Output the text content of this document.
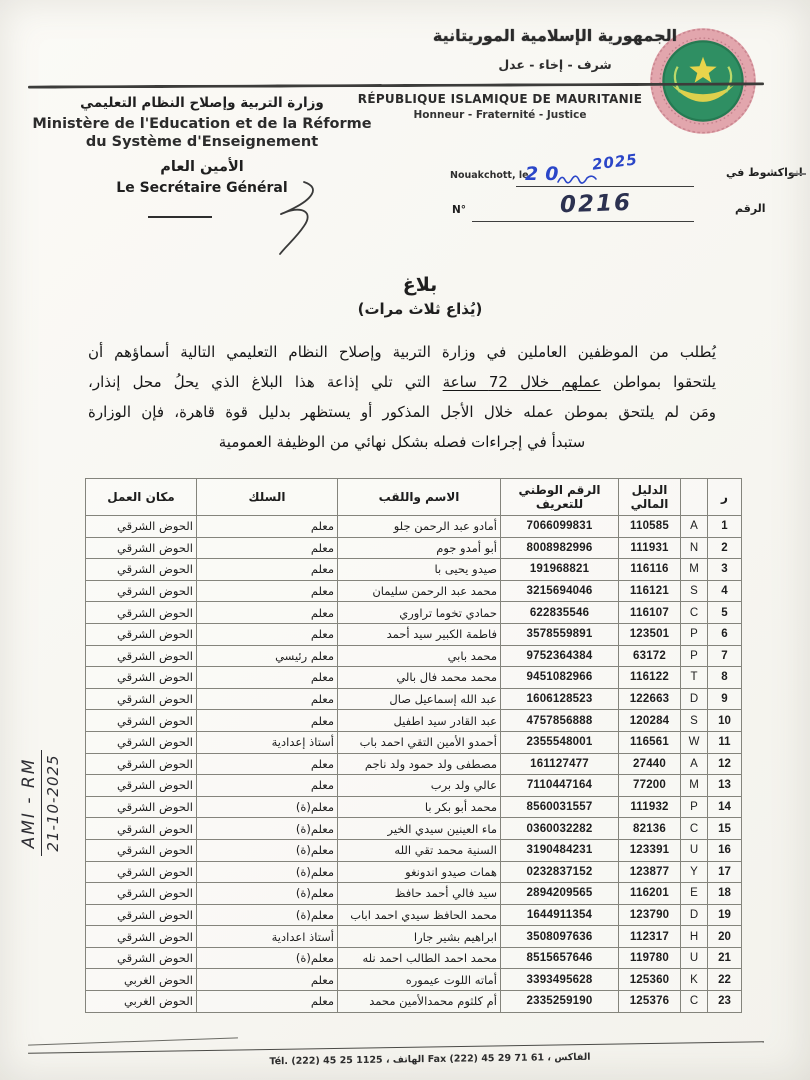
الجمهورية الإسلامية الموريتانية
شرف - إخاء - عدل
RÉPUBLIQUE ISLAMIQUE DE MAURITANIE
Honneur - Fraternité - Justice
وزارة التربية وإصلاح النظام التعليمي
Ministère de l'Education et de la Réforme
du Système d'Enseignement
الأمين العام
Le Secrétaire Général
Nouakchott, le
20
2025	انواكشوط في
N°	0216	الرقم
بلاغ
(يُذاع ثلاث مرات)
يُطلب من الموظفين العاملين في وزارة التربية وإصلاح النظام التعليمي التالية أسماؤهم أن
يلتحقوا بمواطن عملهم خلال 72 ساعة التي تلي إذاعة هذا البلاغ الذي يحلُ محل إنذار،
ومَن لم يلتحق بموطن عمله خلال الأجل المذكور أو يستظهر بدليل قوة قاهرة، فإن الوزارة
ستبدأ في إجراءات فصله بشكل نهائي من الوظيفة العمومية
ر		الدليل المالي	الرقم الوطني للتعريف	الاسم واللقب	السلك	مكان العمل
1	A	110585	7066099831	أمادو عبد الرحمن جلو	معلم	الحوض الشرقي
2	N	111931	8008982996	أبو أمدو جوم	معلم	الحوض الشرقي
3	M	116116	191968821	صيدو يحيى با	معلم	الحوض الشرقي
4	S	116121	3215694046	محمد عبد الرحمن سليمان	معلم	الحوض الشرقي
5	C	116107	622835546	حمادي تخوما تراوري	معلم	الحوض الشرقي
6	P	123501	3578559891	فاطمة الكبير سيد أحمد	معلم	الحوض الشرقي
7	P	63172	9752364384	محمد بابي	معلم رئيسي	الحوض الشرقي
8	T	116122	9451082966	محمد محمد فال بالي	معلم	الحوض الشرقي
9	D	122663	1606128523	عبد الله إسماعيل صال	معلم	الحوض الشرقي
10	S	120284	4757856888	عبد القادر سيد اطفيل	معلم	الحوض الشرقي
11	W	116561	2355548001	أحمدو الأمين التقي احمد باب	أستاذ إعدادية	الحوض الشرقي
12	A	27440	161127477	مصطفى ولد حمود ولد ناجم	معلم	الحوض الشرقي
13	M	77200	7110447164	عالي ولد برب	معلم	الحوض الشرقي
14	P	111932	8560031557	محمد أبو بكر با	معلم(ة)	الحوض الشرقي
15	C	82136	0360032282	ماء العينين سيدي الخير	معلم(ة)	الحوض الشرقي
16	U	123391	3190484231	السنية محمد تقي الله	معلم(ة)	الحوض الشرقي
17	Y	123877	0232837152	همات صيدو اندونغو	معلم(ة)	الحوض الشرقي
18	E	116201	2894209565	سيد فالي أحمد حافظ	معلم(ة)	الحوض الشرقي
19	D	123790	1644911354	محمد الحافظ سيدي احمد اباب	معلم(ة)	الحوض الشرقي
20	H	112317	3508097636	ابراهيم بشير جارا	أستاذ اعدادية	الحوض الشرقي
21	U	119780	8515657646	محمد احمد الطالب احمد نله	معلم(ة)	الحوض الشرقي
22	K	125360	3393495628	أماته اللوت عيموره	معلم	الحوض الغربي
23	C	125376	2335259190	أم كلثوم محمدالأمين محمد	معلم	الحوض الغربي
AMI - RM 21-10-2025
Tél. (222) 45 25 1125 ، الهاتف Fax (222) 45 29 71 61 ، الفاكس
